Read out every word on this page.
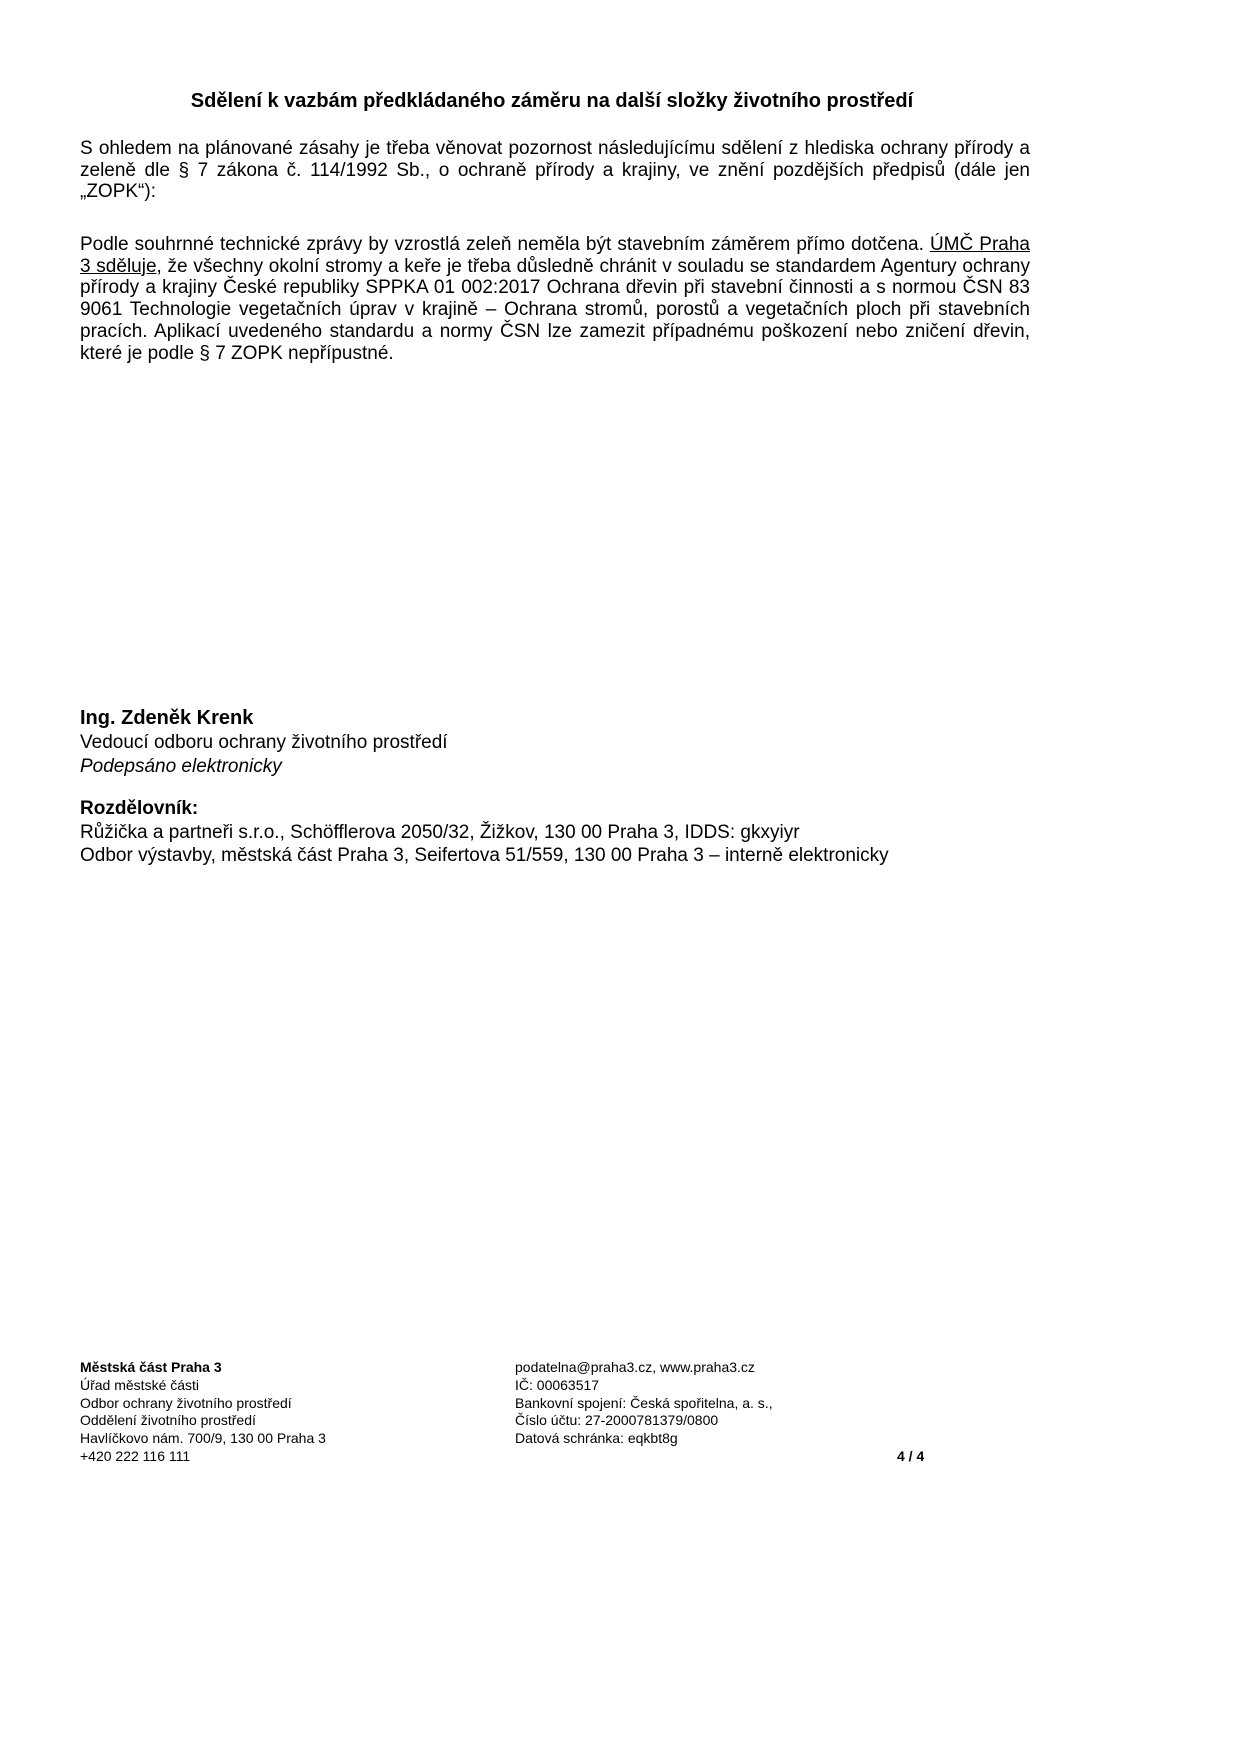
Sdělení k vazbám předkládaného záměru na další složky životního prostředí

S ohledem na plánované zásahy je třeba věnovat pozornost následujícímu sdělení z hlediska ochrany přírody a zeleně dle § 7 zákona č. 114/1992 Sb., o ochraně přírody a krajiny, ve znění pozdějších předpisů (dále jen „ZOPK“):

Podle souhrnné technické zprávy by vzrostlá zeleň neměla být stavebním záměrem přímo dotčena. ÚMČ Praha 3 sděluje, že všechny okolní stromy a keře je třeba důsledně chránit v souladu se standardem Agentury ochrany přírody a krajiny České republiky SPPKA 01 002:2017 Ochrana dřevin při stavební činnosti a s normou ČSN 83 9061 Technologie vegetačních úprav v krajině – Ochrana stromů, porostů a vegetačních ploch při stavebních pracích. Aplikací uvedeného standardu a normy ČSN lze zamezit případnému poškození nebo zničení dřevin, které je podle § 7 ZOPK nepřípustné.

Ing. Zdeněk Krenk
Vedoucí odboru ochrany životního prostředí
Podepsáno elektronicky
Rozdělovník:
Růžička a partneři s.r.o., Schöfflerova 2050/32, Žižkov, 130 00 Praha 3, IDDS: gkxyiyr
Odbor výstavby, městská část Praha 3, Seifertova 51/559, 130 00 Praha 3 – interně elektronicky
Městská část Praha 3
Úřad městské části
Odbor ochrany životního prostředí
Oddělení životního prostředí
Havlíčkovo nám. 700/9, 130 00 Praha 3
+420 222 116 111
podatelna@praha3.cz, www.praha3.cz
IČ: 00063517
Bankovní spojení: Česká spořitelna, a. s.,
Číslo účtu: 27-2000781379/0800
Datová schránka: eqkbt8g
4 / 4
